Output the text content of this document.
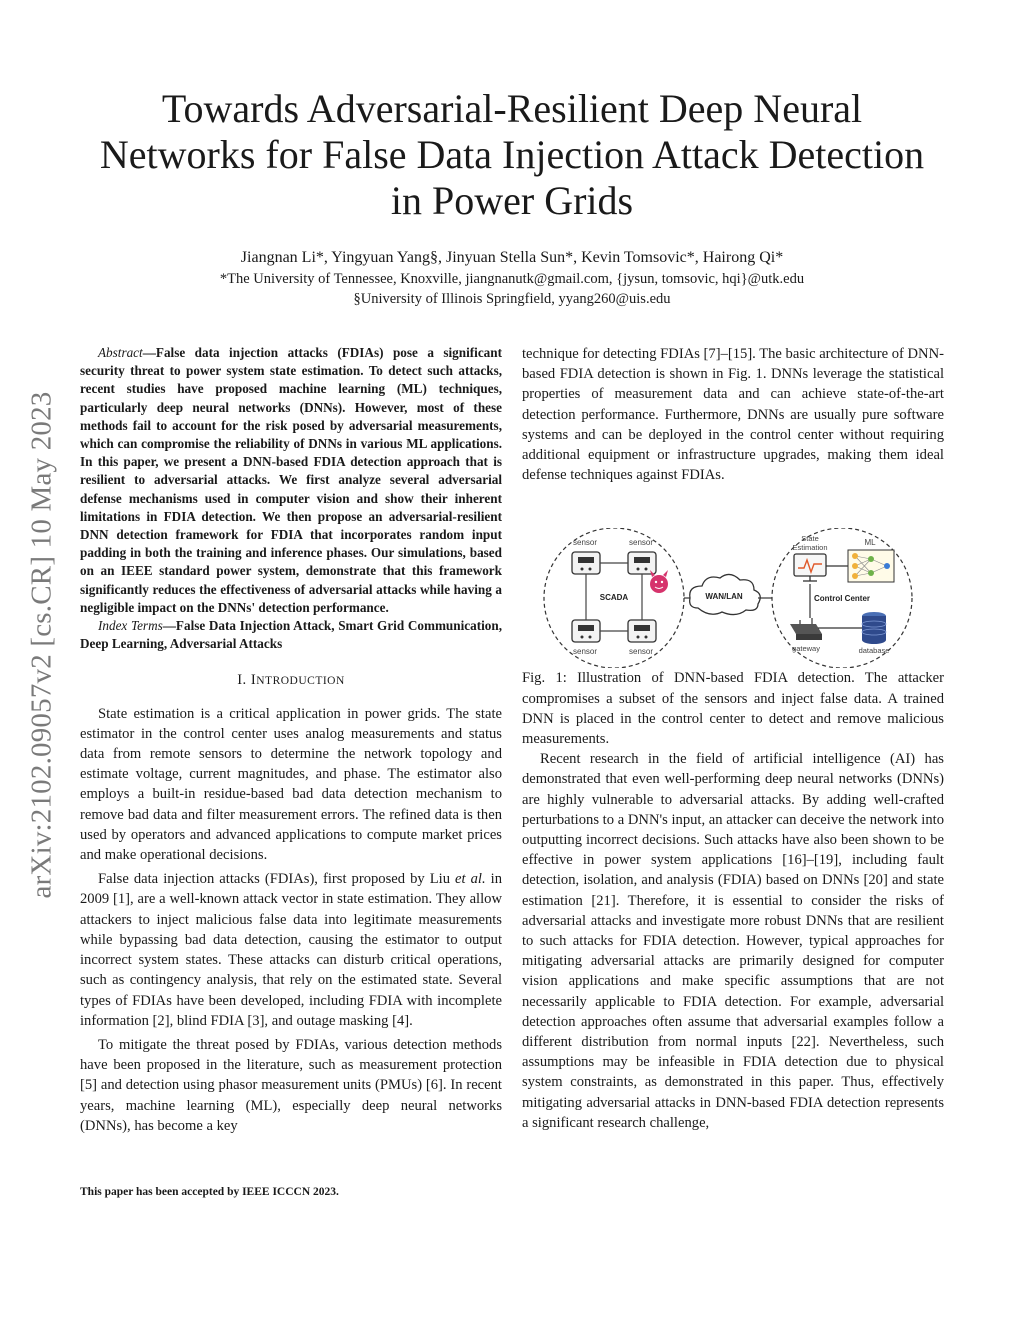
arXiv:2102.09057v2 [cs.CR] 10 May 2023
Towards Adversarial-Resilient Deep Neural Networks for False Data Injection Attack Detection in Power Grids
Jiangnan Li*, Yingyuan Yang§, Jinyuan Stella Sun*, Kevin Tomsovic*, Hairong Qi*
*The University of Tennessee, Knoxville, jiangnanutk@gmail.com, {jysun, tomsovic, hqi}@utk.edu
§University of Illinois Springfield, yyang260@uis.edu

Abstract—False data injection attacks (FDIAs) pose a significant security threat to power system state estimation. To detect such attacks, recent studies have proposed machine learning (ML) techniques, particularly deep neural networks (DNNs). However, most of these methods fail to account for the risk posed by adversarial measurements, which can compromise the reliability of DNNs in various ML applications. In this paper, we present a DNN-based FDIA detection approach that is resilient to adversarial attacks. We first analyze several adversarial defense mechanisms used in computer vision and show their inherent limitations in FDIA detection. We then propose an adversarial-resilient DNN detection framework for FDIA that incorporates random input padding in both the training and inference phases. Our simulations, based on an IEEE standard power system, demonstrate that this framework significantly reduces the effectiveness of adversarial attacks while having a negligible impact on the DNNs' detection performance.

Index Terms—False Data Injection Attack, Smart Grid Communication, Deep Learning, Adversarial Attacks

I. INTRODUCTION

State estimation is a critical application in power grids. The state estimator in the control center uses analog measurements and status data from remote sensors to determine the network topology and estimate voltage, current magnitudes, and phase. The estimator also employs a built-in residue-based bad data detection mechanism to remove bad data and filter measurement errors. The refined data is then used by operators and advanced applications to compute market prices and make operational decisions.

False data injection attacks (FDIAs), first proposed by Liu et al. in 2009 [1], are a well-known attack vector in state estimation. They allow attackers to inject malicious false data into legitimate measurements while bypassing bad data detection, causing the estimator to output incorrect system states. These attacks can disturb critical operations, such as contingency analysis, that rely on the estimated state. Several types of FDIAs have been developed, including FDIA with incomplete information [2], blind FDIA [3], and outage masking [4].

To mitigate the threat posed by FDIAs, various detection methods have been proposed in the literature, such as measurement protection [5] and detection using phasor measurement units (PMUs) [6]. In recent years, machine learning (ML), especially deep neural networks (DNNs), has become a key

This paper has been accepted by IEEE ICCCN 2023.

technique for detecting FDIAs [7]–[15]. The basic architecture of DNN-based FDIA detection is shown in Fig. 1. DNNs leverage the statistical properties of measurement data and can achieve state-of-the-art detection performance. Furthermore, DNNs are usually pure software systems and can be deployed in the control center without requiring additional equipment or infrastructure upgrades, making them ideal defense techniques against FDIAs.

sensor	sensor
sensor	sensor
SCADA	WAN/LAN
State
Estimation
ML
Control Center
gateway	database

Fig. 1: Illustration of DNN-based FDIA detection. The attacker compromises a subset of the sensors and inject false data. A trained DNN is placed in the control center to detect and remove malicious measurements.

Recent research in the field of artificial intelligence (AI) has demonstrated that even well-performing deep neural networks (DNNs) are highly vulnerable to adversarial attacks. By adding well-crafted perturbations to a DNN's input, an attacker can deceive the network into outputting incorrect decisions. Such attacks have also been shown to be effective in power system applications [16]–[19], including fault detection, isolation, and analysis (FDIA) based on DNNs [20] and state estimation [21]. Therefore, it is essential to consider the risks of adversarial attacks and investigate more robust DNNs that are resilient to such attacks for FDIA detection. However, typical approaches for mitigating adversarial attacks are primarily designed for computer vision applications and make specific assumptions that are not necessarily applicable to FDIA detection. For example, adversarial detection approaches often assume that adversarial examples follow a different distribution from normal inputs [22]. Nevertheless, such assumptions may be infeasible in FDIA detection due to physical system constraints, as demonstrated in this paper. Thus, effectively mitigating adversarial attacks in DNN-based FDIA detection represents a significant research challenge,
